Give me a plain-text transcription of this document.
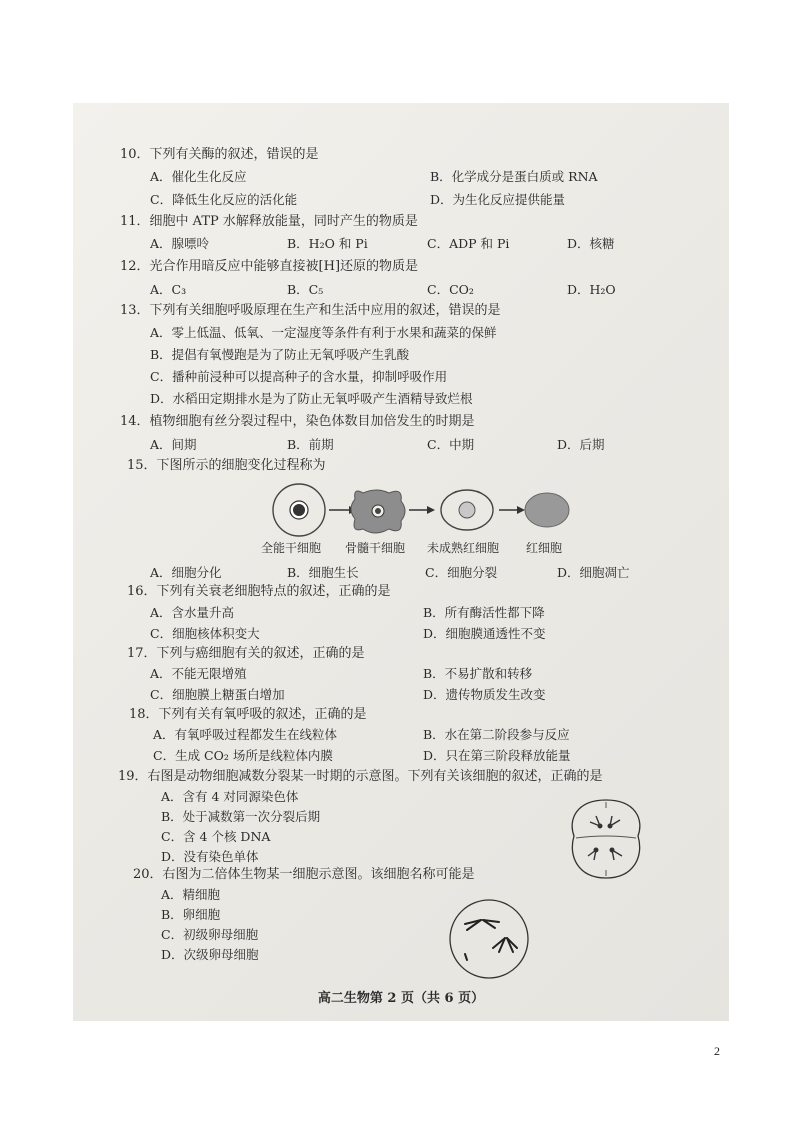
10．下列有关酶的叙述，错误的是
A．催化生化反应	B．化学成分是蛋白质或 RNA
C．降低生化反应的活化能	D．为生化反应提供能量
11．细胞中 ATP 水解释放能量，同时产生的物质是
A．腺嘌呤	B．H₂O 和 Pi	C．ADP 和 Pi	D．核糖
12．光合作用暗反应中能够直接被[H]还原的物质是
A．C₃	B．C₅	C．CO₂	D．H₂O
13．下列有关细胞呼吸原理在生产和生活中应用的叙述，错误的是
A．零上低温、低氧、一定湿度等条件有利于水果和蔬菜的保鲜
B．提倡有氧慢跑是为了防止无氧呼吸产生乳酸
C．播种前浸种可以提高种子的含水量，抑制呼吸作用
D．水稻田定期排水是为了防止无氧呼吸产生酒精导致烂根
14．植物细胞有丝分裂过程中，染色体数目加倍发生的时期是
A．间期	B．前期	C．中期	D．后期
15．下图所示的细胞变化过程称为
全能干细胞 骨髓干细胞 未成熟红细胞 红细胞
A．细胞分化	B．细胞生长	C．细胞分裂	D．细胞凋亡
16．下列有关衰老细胞特点的叙述，正确的是
A．含水量升高	B．所有酶活性都下降
C．细胞核体积变大	D．细胞膜通透性不变
17．下列与癌细胞有关的叙述，正确的是
A．不能无限增殖	B．不易扩散和转移
C．细胞膜上糖蛋白增加	D．遗传物质发生改变
18．下列有关有氧呼吸的叙述，正确的是
A．有氧呼吸过程都发生在线粒体	B．水在第二阶段参与反应
C．生成 CO₂ 场所是线粒体内膜	D．只在第三阶段释放能量
19．右图是动物细胞减数分裂某一时期的示意图。下列有关该细胞的叙述，正确的是
A．含有 4 对同源染色体
B．处于减数第一次分裂后期
C．含 4 个核 DNA
D．没有染色单体
20．右图为二倍体生物某一细胞示意图。该细胞名称可能是
A．精细胞
B．卵细胞
C．初级卵母细胞
D．次级卵母细胞
高二生物第 2 页（共 6 页）
2
